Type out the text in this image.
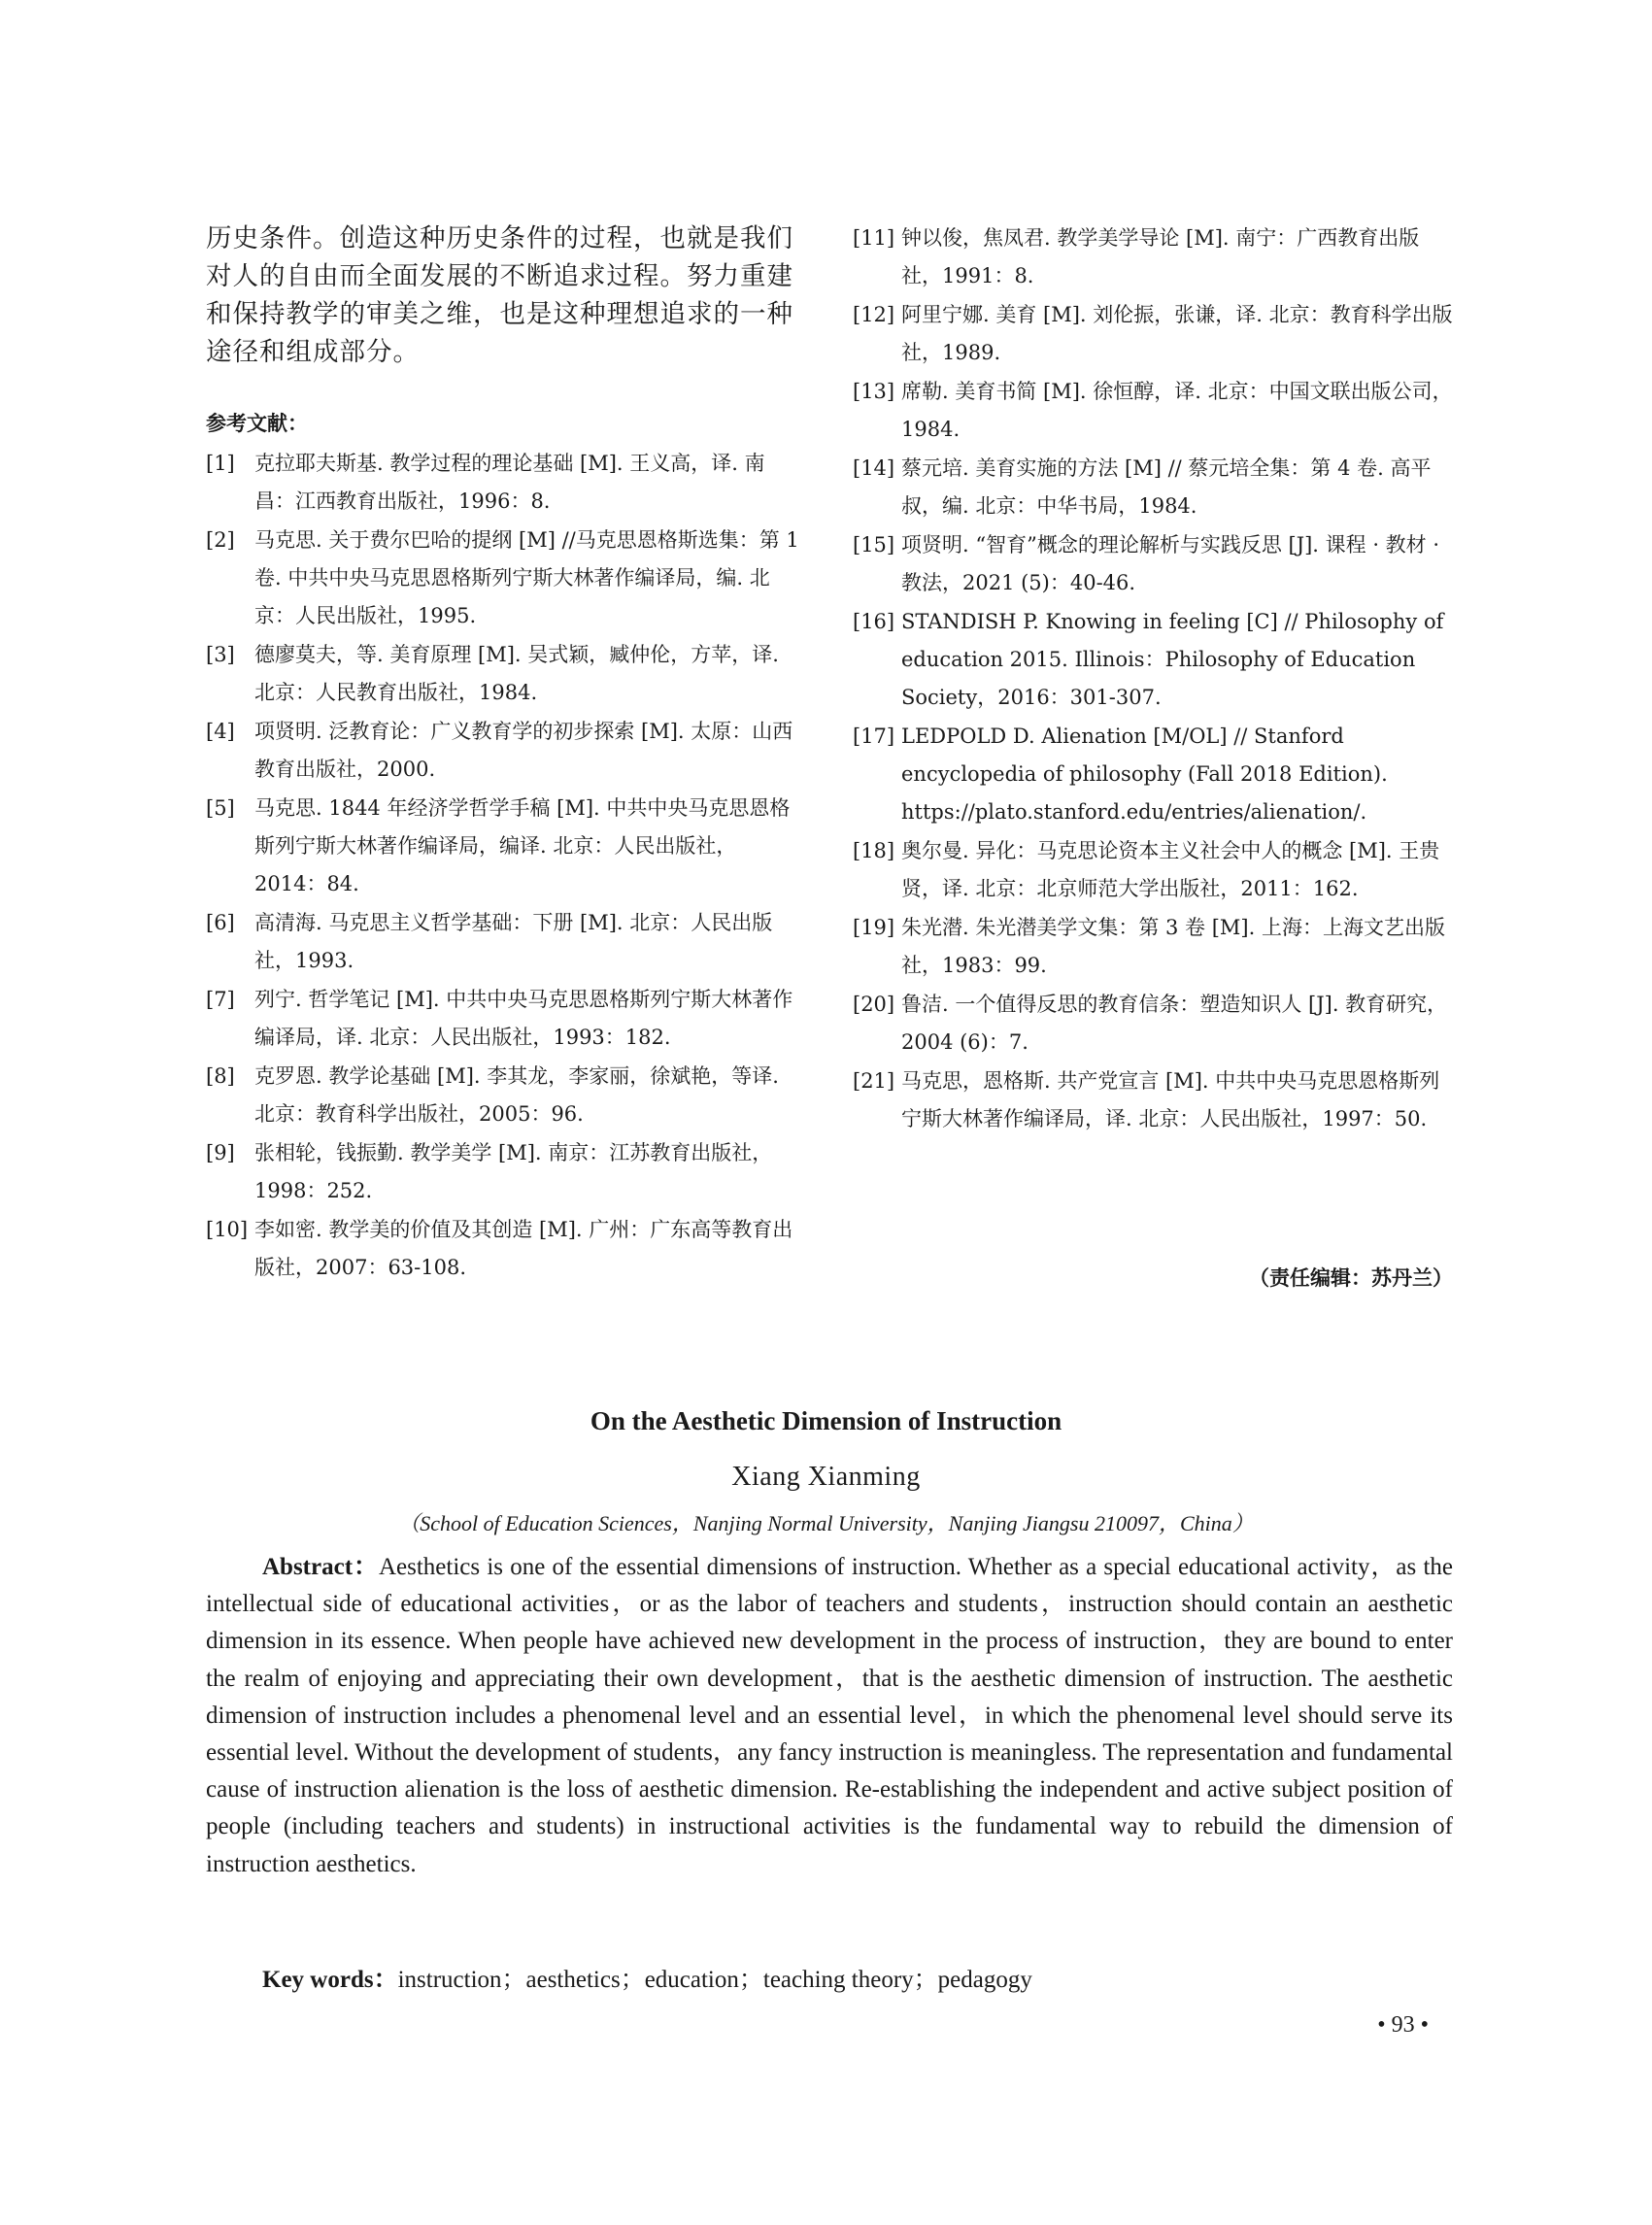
历史条件。创造这种历史条件的过程，也就是我们对人的自由而全面发展的不断追求过程。努力重建和保持教学的审美之维，也是这种理想追求的一种途径和组成部分。

参考文献：

[1] 克拉耶夫斯基. 教学过程的理论基础 [M]. 王义高，译. 南昌：江西教育出版社，1996：8.

[2] 马克思. 关于费尔巴哈的提纲 [M] //马克思恩格斯选集：第 1 卷. 中共中央马克思恩格斯列宁斯大林著作编译局，编. 北京：人民出版社，1995.

[3] 德廖莫夫，等. 美育原理 [M]. 吴式颖，臧仲伦，方苹，译. 北京：人民教育出版社，1984.

[4] 项贤明. 泛教育论：广义教育学的初步探索 [M]. 太原：山西教育出版社，2000.

[5] 马克思. 1844 年经济学哲学手稿 [M]. 中共中央马克思恩格斯列宁斯大林著作编译局，编译. 北京：人民出版社，2014：84.

[6] 高清海. 马克思主义哲学基础：下册 [M]. 北京：人民出版社，1993.

[7] 列宁. 哲学笔记 [M]. 中共中央马克思恩格斯列宁斯大林著作编译局，译. 北京：人民出版社，1993：182.

[8] 克罗恩. 教学论基础 [M]. 李其龙，李家丽，徐斌艳，等译. 北京：教育科学出版社，2005：96.

[9] 张相轮，钱振勤. 教学美学 [M]. 南京：江苏教育出版社，1998：252.

[10] 李如密. 教学美的价值及其创造 [M]. 广州：广东高等教育出版社，2007：63-108.

[11] 钟以俊，焦凤君. 教学美学导论 [M]. 南宁：广西教育出版社，1991：8.

[12] 阿里宁娜. 美育 [M]. 刘伦振，张谦，译. 北京：教育科学出版社，1989.

[13] 席勒. 美育书简 [M]. 徐恒醇，译. 北京：中国文联出版公司，1984.

[14] 蔡元培. 美育实施的方法 [M] // 蔡元培全集：第 4 卷. 高平叔，编. 北京：中华书局，1984.

[15] 项贤明. “智育”概念的理论解析与实践反思 [J]. 课程 · 教材 · 教法，2021 (5)：40-46.

[16] STANDISH P. Knowing in feeling [C] // Philosophy of education 2015. Illinois：Philosophy of Education Society，2016：301-307.

[17] LEDPOLD D. Alienation [M/OL] // Stanford encyclopedia of philosophy (Fall 2018 Edition). https://plato.stanford.edu/entries/alienation/.

[18] 奥尔曼. 异化：马克思论资本主义社会中人的概念 [M]. 王贵贤，译. 北京：北京师范大学出版社，2011：162.

[19] 朱光潜. 朱光潜美学文集：第 3 卷 [M]. 上海：上海文艺出版社，1983：99.

[20] 鲁洁. 一个值得反思的教育信条：塑造知识人 [J]. 教育研究，2004 (6)：7.

[21] 马克思，恩格斯. 共产党宣言 [M]. 中共中央马克思恩格斯列宁斯大林著作编译局，译. 北京：人民出版社，1997：50.

（责任编辑：苏丹兰）
On the Aesthetic Dimension of Instruction
Xiang Xianming
（School of Education Sciences，Nanjing Normal University，Nanjing Jiangsu 210097，China）

Abstract：Aesthetics is one of the essential dimensions of instruction. Whether as a special educational activity，as the intellectual side of educational activities，or as the labor of teachers and students，instruction should contain an aesthetic dimension in its essence. When people have achieved new development in the process of instruction，they are bound to enter the realm of enjoying and appreciating their own development，that is the aesthetic dimension of instruction. The aesthetic dimension of instruction includes a phenomenal level and an essential level，in which the phenomenal level should serve its essential level. Without the development of students，any fancy instruction is meaningless. The representation and fundamental cause of instruction alienation is the loss of aesthetic dimension. Re-establishing the independent and active subject position of people (including teachers and students) in instructional activities is the fundamental way to rebuild the dimension of instruction aesthetics.

Key words：instruction；aesthetics；education；teaching theory；pedagogy
• 93 •
